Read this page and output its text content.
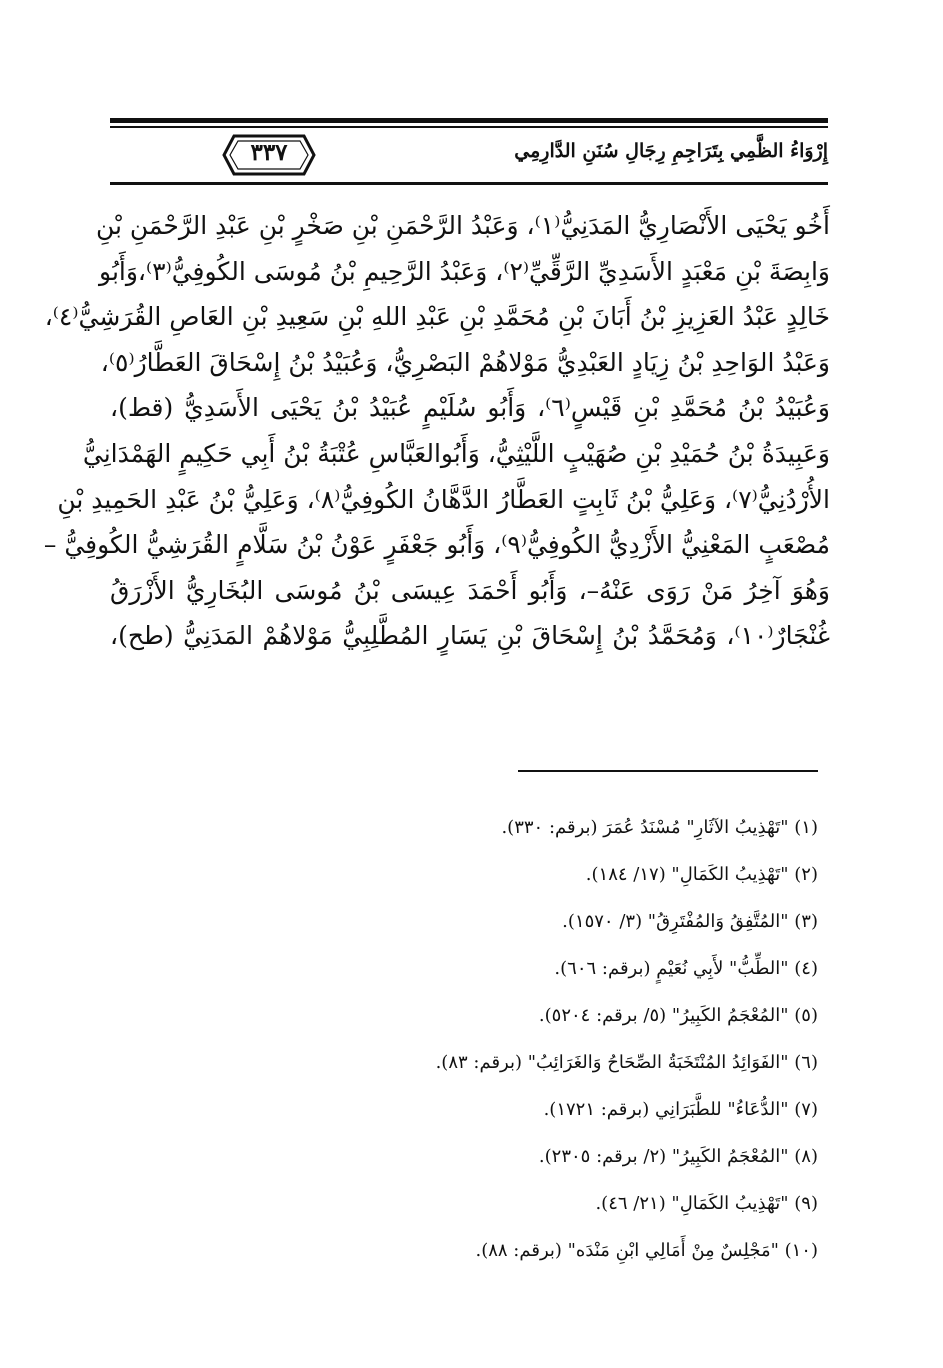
إِرْوَاءُ الظَّمِي بِتَرَاجِمِ رِجَالِ سُنَنِ الدَّارِمِي
٣٣٧
أَخُو يَحْيَى الأَنْصَارِيُّ المَدَنِيُّ⁽١⁾، وَعَبْدُ الرَّحْمَنِ بْنِ صَخْرٍ بْنِ عَبْدِ الرَّحْمَنِ بْنِ
وَابِصَةَ بْنِ مَعْبَدٍ الأَسَدِيِّ الرَّقِّيِّ⁽٢⁾، وَعَبْدُ الرَّحِيمِ بْنُ مُوسَى الكُوفِيُّ⁽٣⁾،وَأَبُو
خَالِدٍ عَبْدُ العَزِيزِ بْنُ أَبَانَ بْنِ مُحَمَّدِ بْنِ عَبْدِ اللهِ بْنِ سَعِيدِ بْنِ العَاصِ القُرَشِيُّ⁽٤⁾،
وَعَبْدُ الوَاحِدِ بْنُ زِيَادٍ العَبْدِيُّ مَوْلاهُمْ البَصْرِيُّ، وَعُبَيْدُ بْنُ إِسْحَاقَ العَطَّارُ⁽٥⁾،
وَعُبَيْدُ بْنُ مُحَمَّدِ بْنِ قَيْسٍ⁽٦⁾، وَأَبُو سُلَيْمٍ عُبَيْدُ بْنُ يَحْيَى الأَسَدِيُّ (قط)،
وَعَبِيدَةُ بْنُ حُمَيْدِ بْنِ صُهَيْبٍ اللَّيْثِيُّ، وَأَبُوالعَبَّاسِ عُتْبَةُ بْنُ أَبِي حَكِيمٍ الهَمْدَانِيُّ
الأُرْدُنِيُّ⁽٧⁾، وَعَلِيُّ بْنُ ثَابِتٍ العَطَّارُ الدَّهَّانُ الكُوفِيُّ⁽٨⁾، وَعَلِيُّ بْنُ عَبْدِ الحَمِيدِ بْنِ
مُصْعَبٍ المَعْنِيُّ الأَزْدِيُّ الكُوفِيُّ⁽٩⁾، وَأَبُو جَعْفَرٍ عَوْنُ بْنُ سَلَّامٍ القُرَشِيُّ الكُوفِيُّ –
وَهُوَ آخِرُ مَنْ رَوَى عَنْهُ–، وَأَبُو أَحْمَدَ عِيسَى بْنُ مُوسَى البُخَارِيُّ الأَزْرَقُ
غُنْجَارٌ⁽١٠⁾، وَمُحَمَّدُ بْنُ إِسْحَاقَ بْنِ يَسَارٍ المُطَّلِبِيُّ مَوْلاهُمْ المَدَنِيُّ (طح)،
(١) "تَهْذِيبُ الآثَارِ" مُسْنَدُ عُمَرَ (برقم: ٣٣٠).
(٢) "تَهْذِيبُ الكَمَالِ" (١٧/ ١٨٤).
(٣) "المُتَّفِقُ وَالمُفْتَرِقُ" (٣/ ١٥٧٠).
(٤) "الطِّبُّ" لأَبِي نُعَيْمٍ (برقم: ٦٠٦).
(٥) "المُعْجَمُ الكَبِيرُ" (٥/ برقم: ٥٢٠٤).
(٦) "الفَوَائِدُ المُنْتَخَبَةُ الصِّحَاحُ وَالغَرَائِبُ" (برقم: ٨٣).
(٧) "الدُّعَاءُ" للطَّبَرَانِي (برقم: ١٧٢١).
(٨) "المُعْجَمُ الكَبِيرُ" (٢/ برقم: ٢٣٠٥).
(٩) "تَهْذِيبُ الكَمَالِ" (٢١/ ٤٦).
(١٠) "مَجْلِسٌ مِنْ أَمَالِي ابْنِ مَنْدَه" (برقم: ٨٨).
